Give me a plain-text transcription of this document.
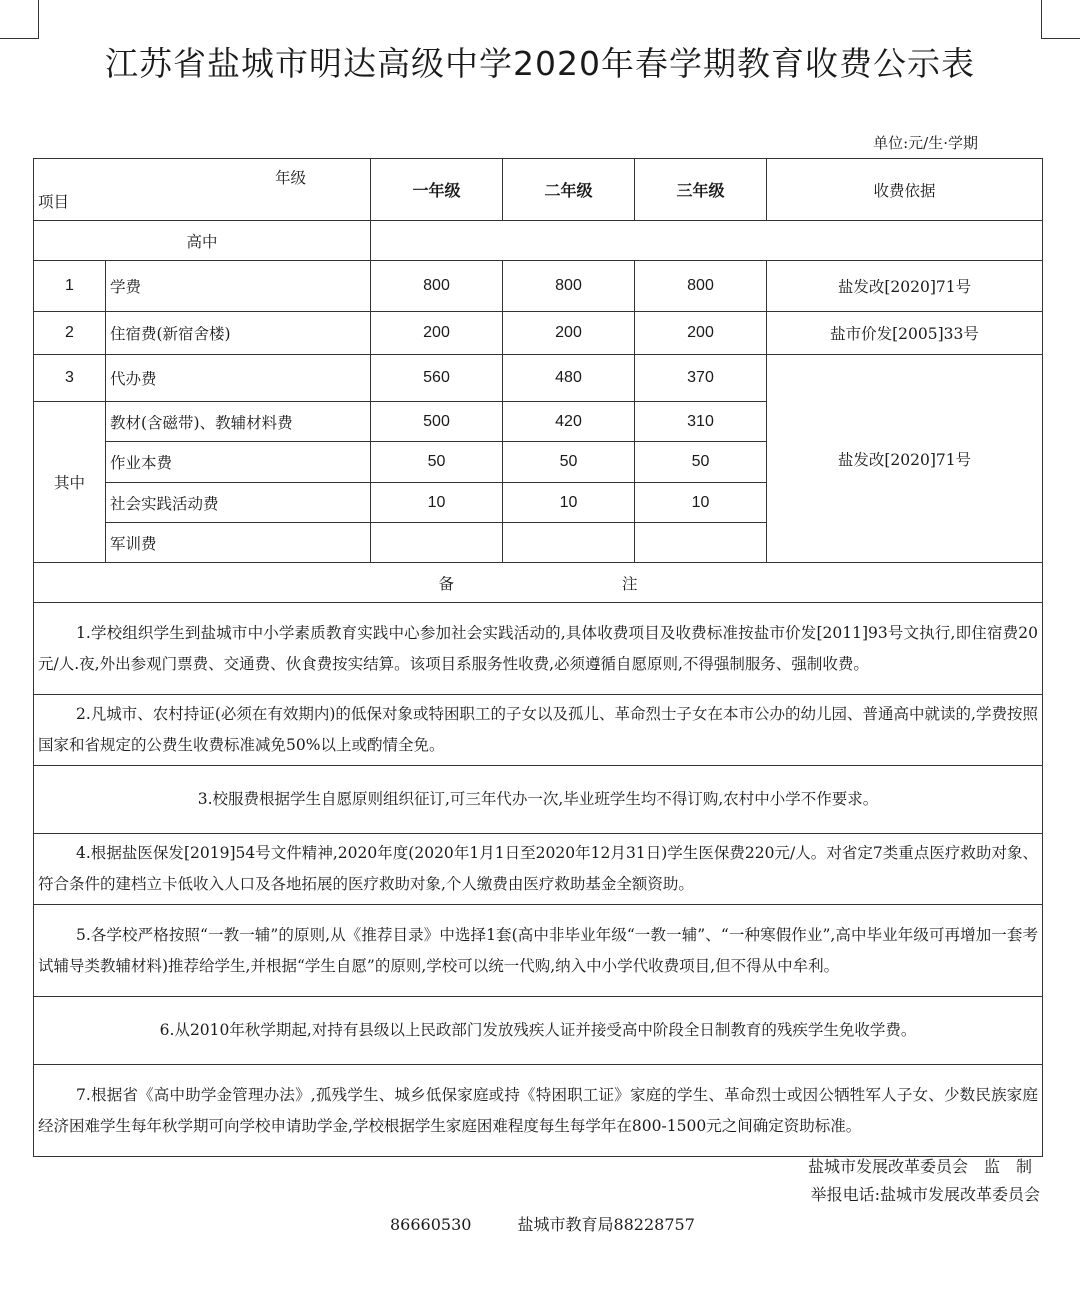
江苏省盐城市明达高级中学2020年春学期教育收费公示表
单位:元/生·学期
年级
项目		一年级	二年级	三年级	收费依据
高中					
1	学费	800	800	800	盐发改[2020]71号
2	住宿费(新宿舍楼)	200	200	200	盐市价发[2005]33号
3	代办费	560	480	370	盐发改[2020]71号
其中	教材(含磁带)、教辅材料费	500	420	310	
	作业本费	50	50	50	
	社会实践活动费	10	10	10	
	军训费				
备 注					
1.学校组织学生到盐城市中小学素质教育实践中心参加社会实践活动的,具体收费项目及收费标准按盐市价发[2011]93号文执行,即住宿费20元/人.夜,外出参观门票费、交通费、伙食费按实结算。该项目系服务性收费,必须遵循自愿原则,不得强制服务、强制收费。					
2.凡城市、农村持证(必须在有效期内)的低保对象或特困职工的子女以及孤儿、革命烈士子女在本市公办的幼儿园、普通高中就读的,学费按照国家和省规定的公费生收费标准减免50%以上或酌情全免。					
3.校服费根据学生自愿原则组织征订,可三年代办一次,毕业班学生均不得订购,农村中小学不作要求。					
4.根据盐医保发[2019]54号文件精神,2020年度(2020年1月1日至2020年12月31日)学生医保费220元/人。对省定7类重点医疗救助对象、符合条件的建档立卡低收入人口及各地拓展的医疗救助对象,个人缴费由医疗救助基金全额资助。					
5.各学校严格按照“一教一辅”的原则,从《推荐目录》中选择1套(高中非毕业年级“一教一辅”、“一种寒假作业”,高中毕业年级可再增加一套考试辅导类教辅材料)推荐给学生,并根据“学生自愿”的原则,学校可以统一代购,纳入中小学代收费项目,但不得从中牟利。					
6.从2010年秋学期起,对持有县级以上民政部门发放残疾人证并接受高中阶段全日制教育的残疾学生免收学费。					
7.根据省《高中助学金管理办法》,孤残学生、城乡低保家庭或持《特困职工证》家庭的学生、革命烈士或因公牺牲军人子女、少数民族家庭经济困难学生每年秋学期可向学校申请助学金,学校根据学生家庭困难程度每生每学年在800-1500元之间确定资助标准。					
盐城市发展改革委员会　监　制
举报电话:盐城市发展改革委员会
86660530	盐城市教育局88228757
